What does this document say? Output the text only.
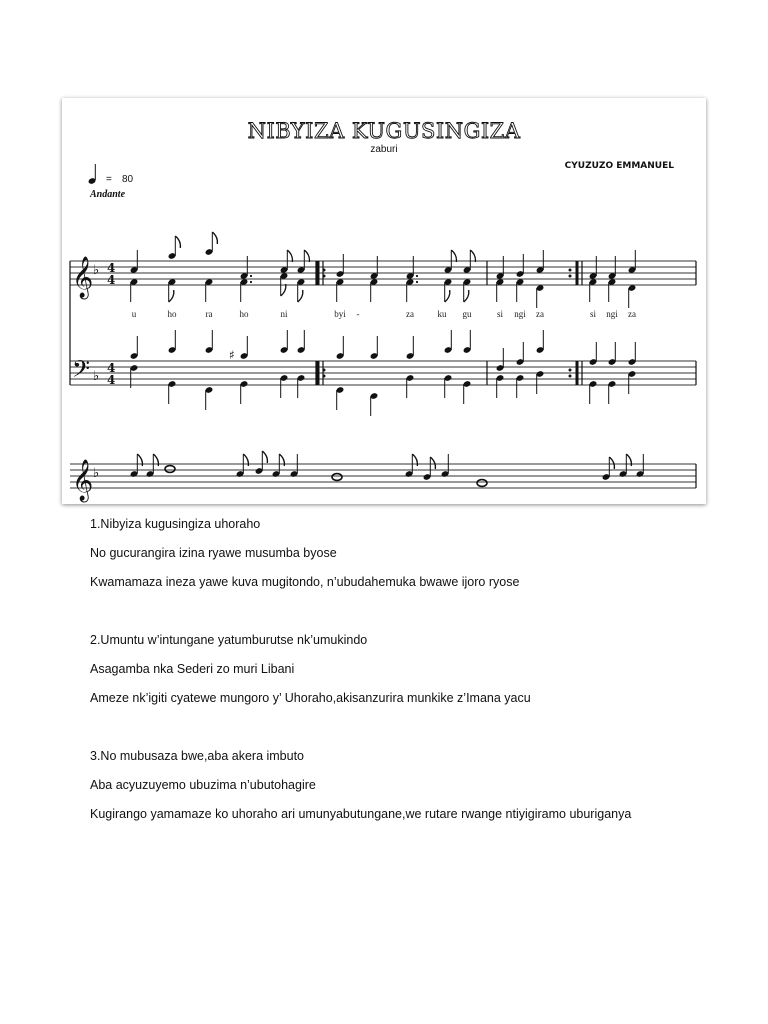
NIBYIZA KUGUSINGIZA
zaburi
CYUZUZO EMMANUEL
= 80
Andante
𝄞
𝄢
♭
♭
4
4
4
4
♯
𝄞 ♭
u	ho	ra	ho	ni	byi -	za	ku gu	si ngi za	si ngi za

1.Nibyiza kugusingiza uhoraho

No gucurangira izina ryawe musumba byose

Kwamamaza ineza yawe kuva mugitondo, n’ubudahemuka bwawe ijoro ryose

2.Umuntu w’intungane yatumburutse nk’umukindo

Asagamba nka Sederi zo muri Libani

Ameze nk’igiti cyatewe mungoro y’ Uhoraho,akisanzurira munkike z’Imana yacu

3.No mubusaza bwe,aba akera imbuto

Aba acyuzuyemo ubuzima n’ubutohagire

Kugirango yamamaze ko uhoraho ari umunyabutungane,we rutare rwange ntiyigiramo uburiganya
